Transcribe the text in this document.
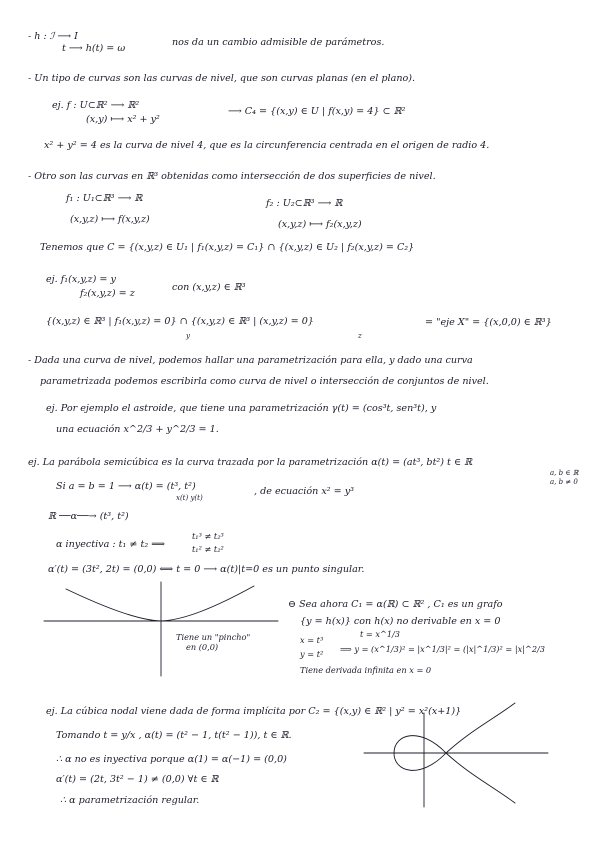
- h : ℐ ⟶ I
t ⟶ h(t) = ω
nos da un cambio admisible de parámetros.
- Un tipo de curvas son las curvas de nivel, que son curvas planas (en el plano).
ej. f : U⊂ℝ² ⟶ ℝ²
(x,y) ⟼ x² + y²
⟶ C₄ = {(x,y) ∈ U | f(x,y) = 4} ⊂ ℝ²
x² + y² = 4 es la curva de nivel 4, que es la circunferencia centrada en el origen de radio 4.
- Otro son las curvas en ℝ³ obtenidas como intersección de dos superficies de nivel.
f₁ : U₁⊂ℝ³ ⟶ ℝ	f₂ : U₂⊂ℝ³ ⟶ ℝ
(x,y,z) ⟼ f(x,y,z)	(x,y,z) ⟼ f₂(x,y,z)
Tenemos que C = {(x,y,z) ∈ U₁ | f₁(x,y,z) = C₁} ∩ {(x,y,z) ∈ U₂ | f₂(x,y,z) = C₂}
ej. f₁(x,y,z) = y
f₂(x,y,z) = z
con (x,y,z) ∈ ℝ³
{(x,y,z) ∈ ℝ³ | f₁(x,y,z) = 0} ∩ {(x,y,z) ∈ ℝ³ | (x,y,z) = 0}	= "eje X" = {(x,0,0) ∈ ℝ³}
y	z
- Dada una curva de nivel, podemos hallar una parametrización para ella, y dado una curva
parametrizada podemos escribirla como curva de nivel o intersección de conjuntos de nivel.
ej. Por ejemplo el astroide, que tiene una parametrización γ(t) = (cos³t, sen³t), y
una ecuación x^2/3 + y^2/3 = 1.
ej. La parábola semicúbica es la curva trazada por la parametrización α(t) = (at³, bt²) t ∈ ℝ
a, b ∈ ℝ
a, b ≠ 0
Si a = b = 1 ⟶ α(t) = (t³, t²)	, de ecuación x² = y³
x(t) y(t)
ℝ ──α──→ (t³, t²)
α inyectiva : t₁ ≠ t₂ ⟹
t₁³ ≠ t₂³
t₁² ≠ t₂²
α′(t) = (3t², 2t) = (0,0) ⟺ t = 0 ⟶ α(t)|t=0 es un punto singular.
Tiene un "pincho"
en (0,0)
⊖ Sea ahora C₁ = α(ℝ) ⊂ ℝ² , C₁ es un grafo
{y = h(x)} con h(x) no derivable en x = 0
x = t³
y = t²
t = x^1/3
⟹ y = (x^1/3)² = |x^1/3|² = (|x|^1/3)² = |x|^2/3
Tiene derivada infinita en x = 0
ej. La cúbica nodal viene dada de forma implícita por C₂ = {(x,y) ∈ ℝ² | y² = x²(x+1)}
Tomando t = y/x , α(t) = (t² − 1, t(t² − 1)), t ∈ ℝ.
∴ α no es inyectiva porque α(1) = α(−1) = (0,0)
α′(t) = (2t, 3t² − 1) ≠ (0,0) ∀t ∈ ℝ
∴ α parametrización regular.
